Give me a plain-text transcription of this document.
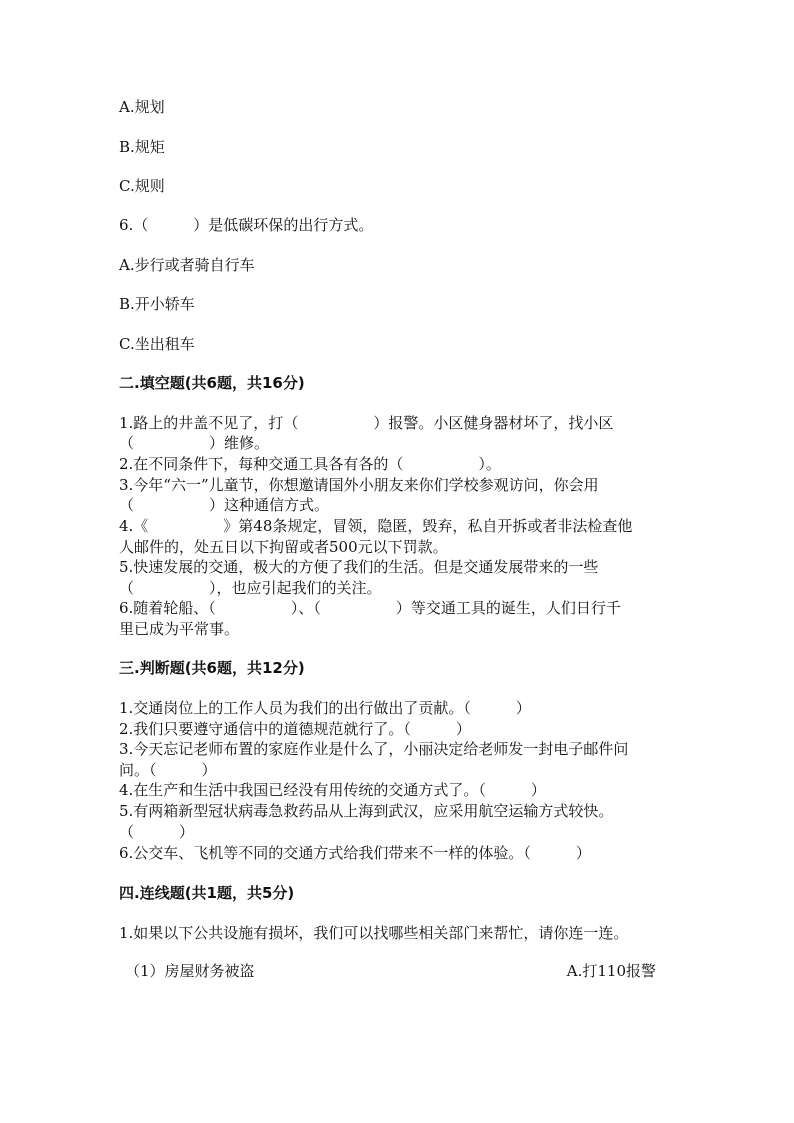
A.规划
B.规矩
C.规则
6.（　　　）是低碳环保的出行方式。
A.步行或者骑自行车
B.开小轿车
C.坐出租车
二.填空题(共6题，共16分)
1.路上的井盖不见了，打（　　　　　）报警。小区健身器材坏了，找小区
（　　　　　）维修。
2.在不同条件下，每种交通工具各有各的（　　　　　）。
3.今年“六一”儿童节，你想邀请国外小朋友来你们学校参观访问，你会用
（　　　　　）这种通信方式。
4.《　　　　　》第48条规定，冒领，隐匿，毁弃，私自开拆或者非法检查他
人邮件的，处五日以下拘留或者500元以下罚款。
5.快速发展的交通，极大的方便了我们的生活。但是交通发展带来的一些
（　　　　　），也应引起我们的关注。
6.随着轮船、（　　　　　）、（　　　　　）等交通工具的诞生，人们日行千
里已成为平常事。
三.判断题(共6题，共12分)
1.交通岗位上的工作人员为我们的出行做出了贡献。（　　　）
2.我们只要遵守通信中的道德规范就行了。（　　　）
3.今天忘记老师布置的家庭作业是什么了，小丽决定给老师发一封电子邮件问
问。（　　　）
4.在生产和生活中我国已经没有用传统的交通方式了。（　　　）
5.有两箱新型冠状病毒急救药品从上海到武汉，应采用航空运输方式较快。
（　　　）
6.公交车、飞机等不同的交通方式给我们带来不一样的体验。（　　　）
四.连线题(共1题，共5分)
1.如果以下公共设施有损坏，我们可以找哪些相关部门来帮忙，请你连一连。
（1）房屋财务被盗	A.打110报警
